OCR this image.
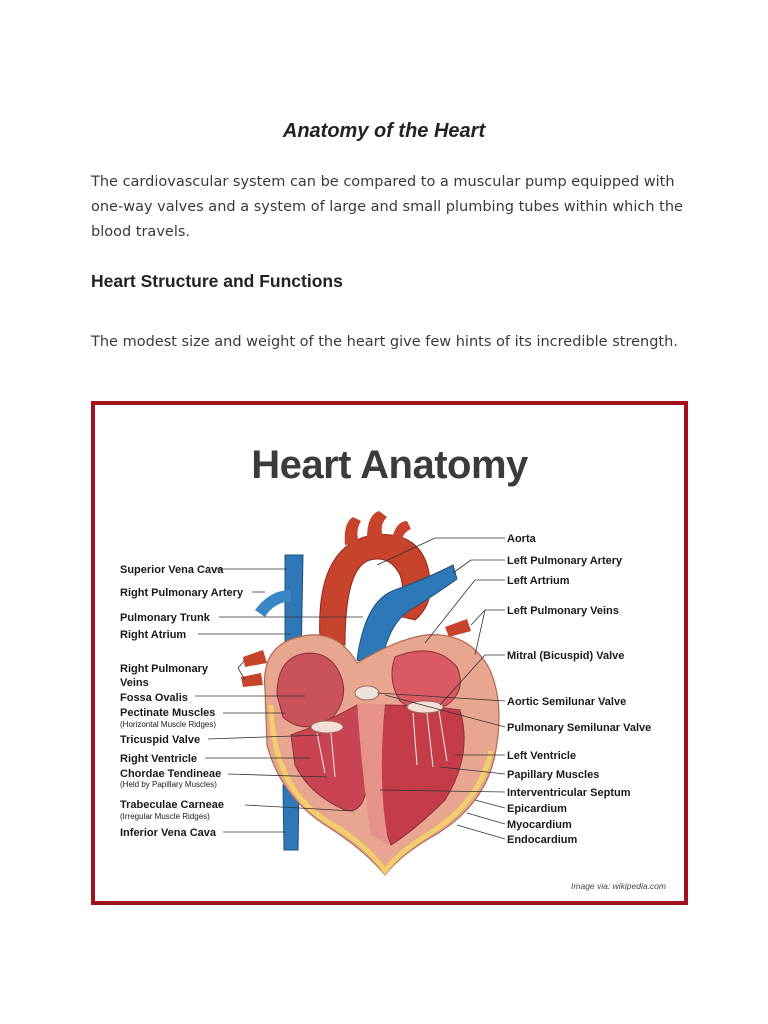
Anatomy of the Heart
The cardiovascular system can be compared to a muscular pump equipped with one-way valves and a system of large and small plumbing tubes within which the blood travels.
Heart Structure and Functions
The modest size and weight of the heart give few hints of its incredible strength.
Heart Anatomy
Superior Vena Cava
Right Pulmonary Artery
Pulmonary Trunk
Right Atrium
Right Pulmonary
Veins
Fossa Ovalis
Pectinate Muscles
(Horizontal Muscle Ridges)
Tricuspid Valve
Right Ventricle
Chordae Tendineae
(Held by Papillary Muscles)
Trabeculae Carneae
(Irregular Muscle Ridges)
Inferior Vena Cava
Aorta
Left Pulmonary Artery
Left Artrium
Left Pulmonary Veins
Mitral (Bicuspid) Valve
Aortic Semilunar Valve
Pulmonary Semilunar Valve
Left Ventricle
Papillary Muscles
Interventricular Septum
Epicardium
Myocardium
Endocardium
Image via: wikipedia.com
